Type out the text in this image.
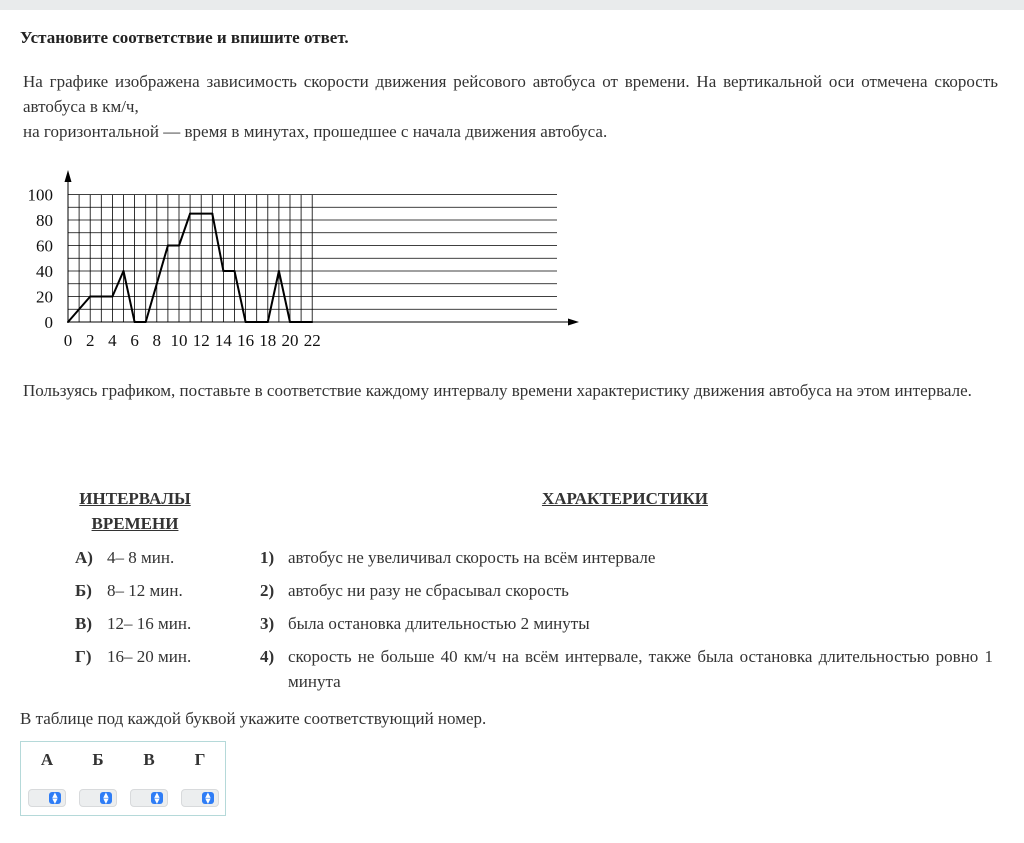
Установите соответствие и впишите ответ.

На графике изображена зависимость скорости движения рейсового автобуса от времени. На вертикальной оси отмечена скорость автобуса в км/ч,

на горизонтальной — время в минутах, прошедшее с начала движения автобуса.

0
20
40
60
80
100
0 2 4 6 8 10 12 14 16 18 20 22

Пользуясь графиком, поставьте в соответствие каждому интервалу времени характеристику движения автобуса на этом интервале.

ИНТЕРВАЛЫ ВРЕМЕНИ
ХАРАКТЕРИСТИКИ
А) 4– 8 мин.
Б) 8– 12 мин.
В) 12– 16 мин.
Г) 16– 20 мин.
1) автобус не увеличивал скорость на всём интервале
2) автобус ни разу не сбрасывал скорость
3) была остановка длительностью 2 минуты
4) скорость не больше 40 км/ч на всём интервале, также была остановка длительностью ровно 1 минута

В таблице под каждой буквой укажите соответствующий номер.

А	Б	В	Г
▲
▼
▲
▼
▲
▼
▲
▼
